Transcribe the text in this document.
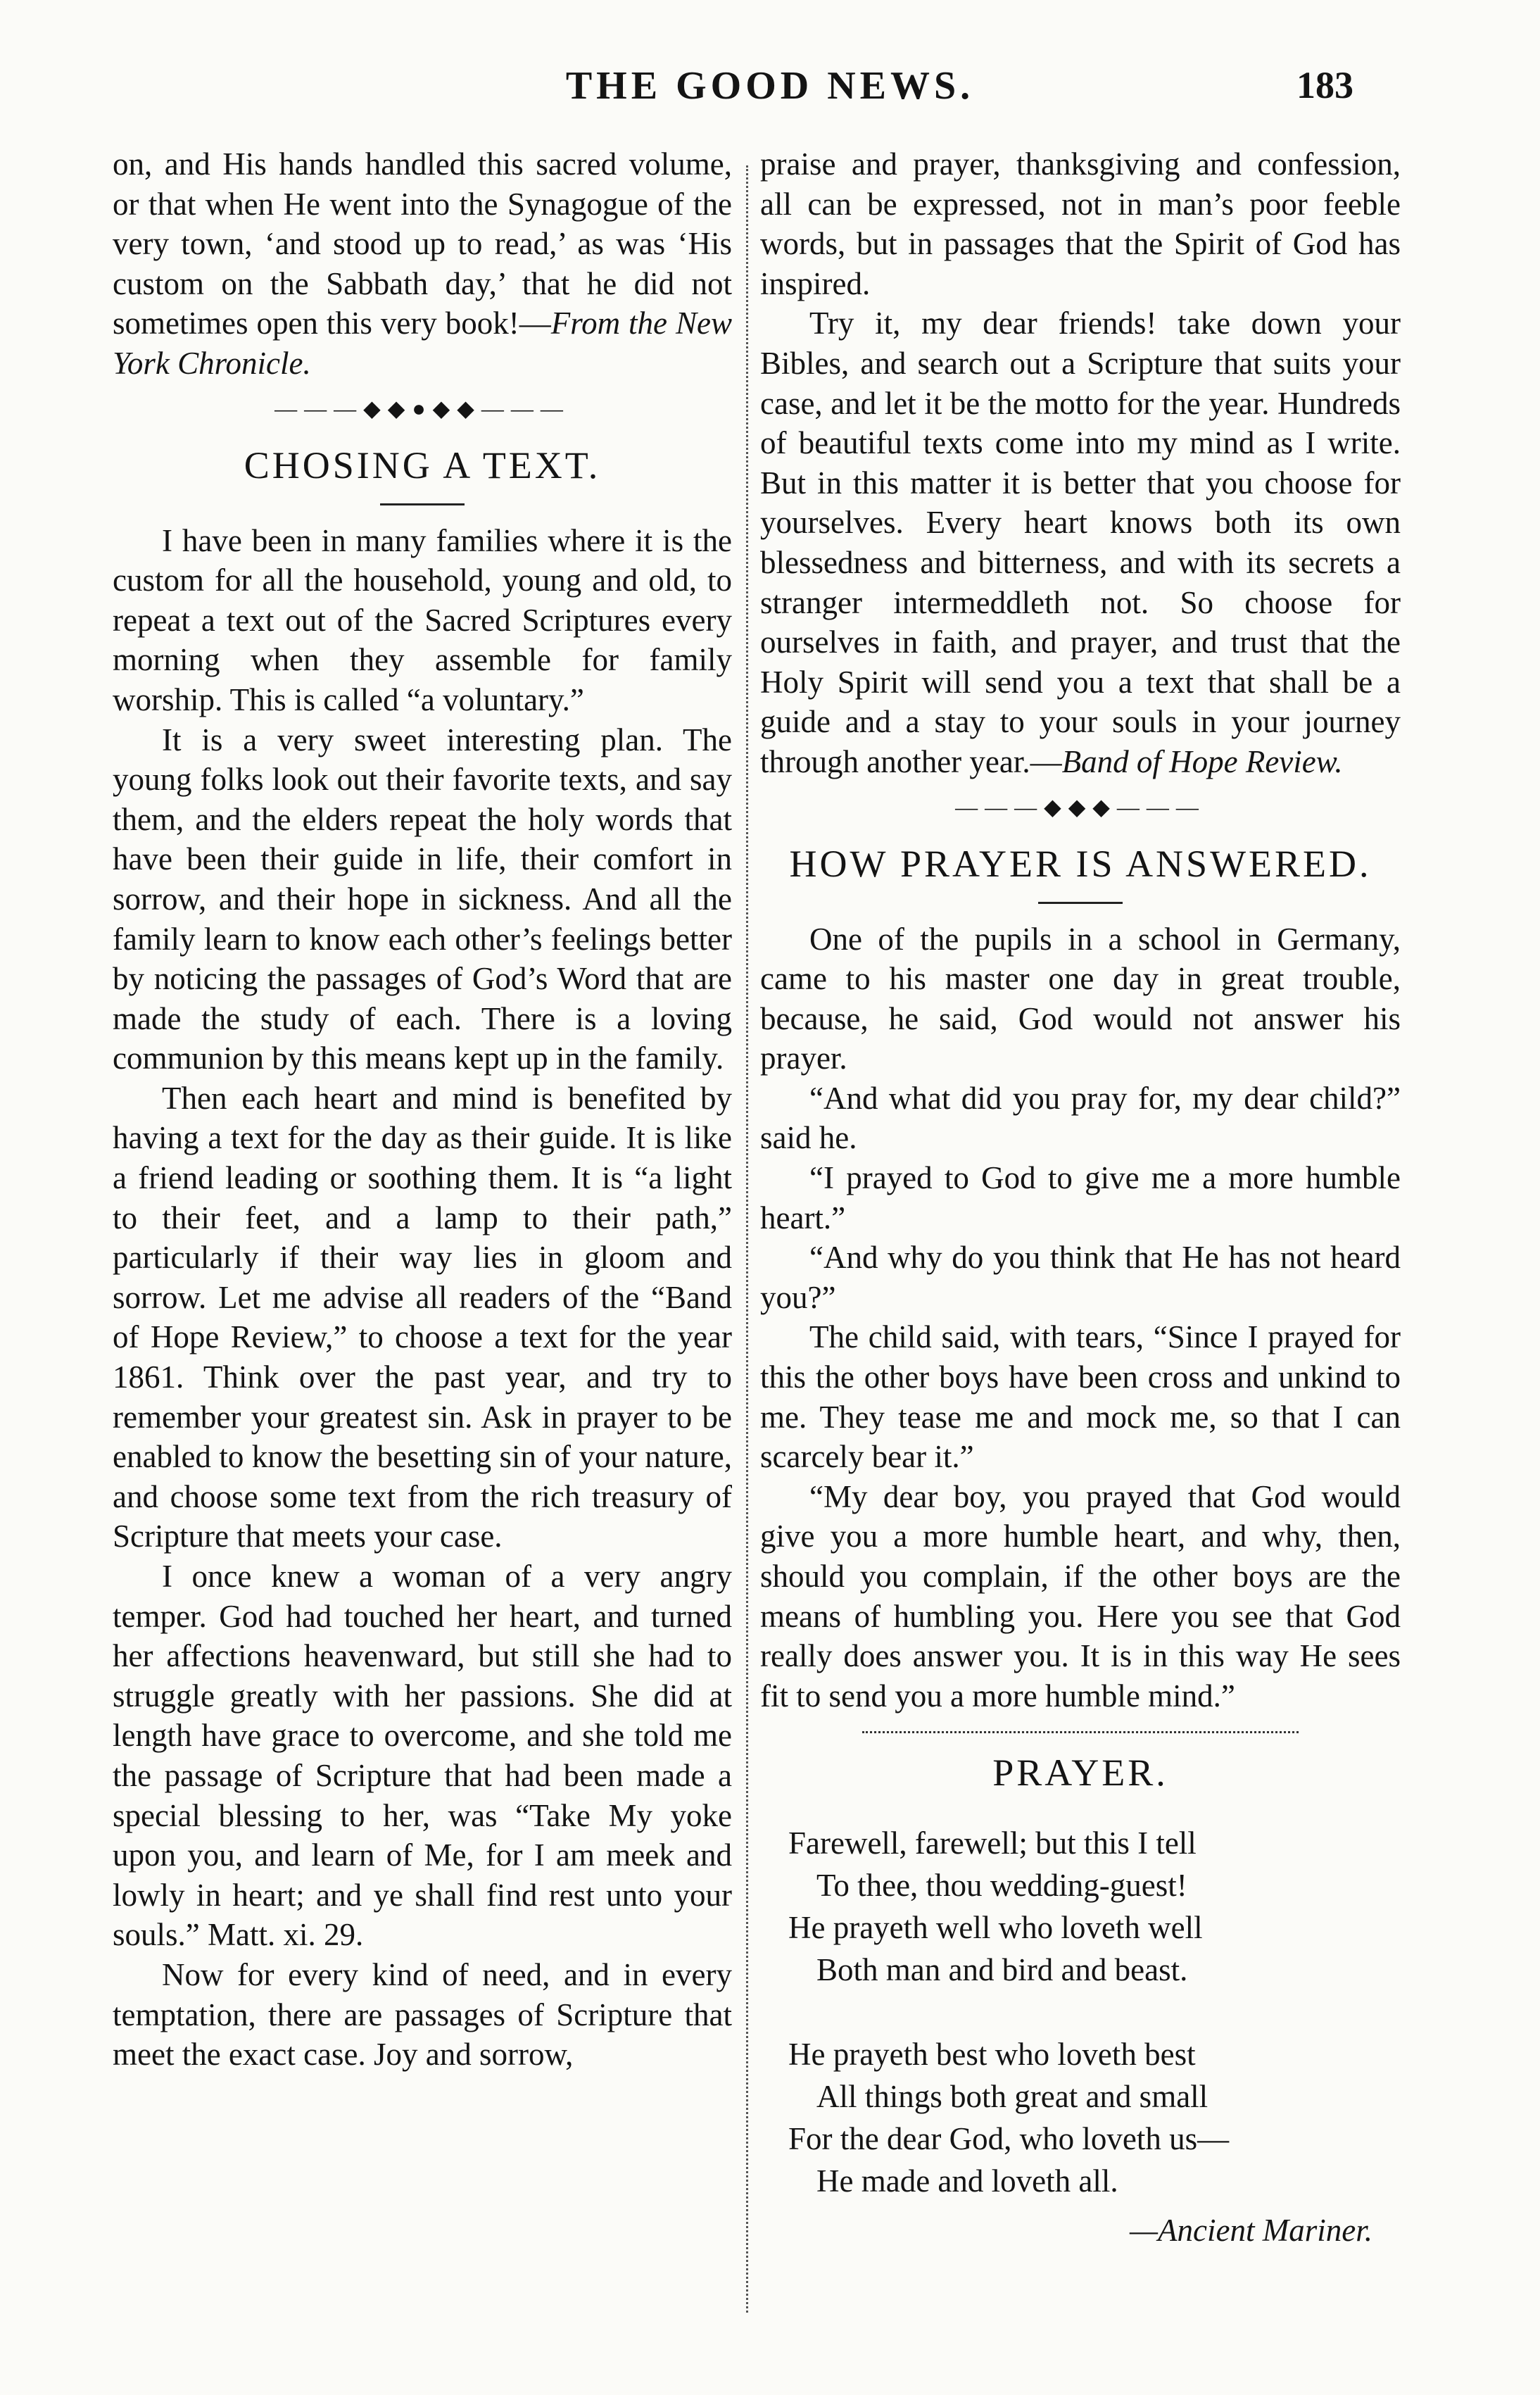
THE GOOD NEWS.	183

on, and His hands handled this sacred volume, or that when He went into the Synagogue of the very town, ‘and stood up to read,’ as was ‘His custom on the Sabbath day,’ that he did not sometimes open this very book!—From the New York Chronicle.

———◆◆●◆◆———
CHOSING A TEXT.

I have been in many families where it is the custom for all the household, young and old, to repeat a text out of the Sacred Scriptures every morning when they assemble for family worship. This is called “a voluntary.”

It is a very sweet interesting plan. The young folks look out their favorite texts, and say them, and the elders repeat the holy words that have been their guide in life, their comfort in sorrow, and their hope in sickness. And all the family learn to know each other’s feelings better by noticing the passages of God’s Word that are made the study of each. There is a loving communion by this means kept up in the family.

Then each heart and mind is benefited by having a text for the day as their guide. It is like a friend leading or soothing them. It is “a light to their feet, and a lamp to their path,” particularly if their way lies in gloom and sorrow. Let me advise all readers of the “Band of Hope Review,” to choose a text for the year 1861. Think over the past year, and try to remember your greatest sin. Ask in prayer to be enabled to know the besetting sin of your nature, and choose some text from the rich treasury of Scripture that meets your case.

I once knew a woman of a very angry temper. God had touched her heart, and turned her affections heavenward, but still she had to struggle greatly with her passions. She did at length have grace to overcome, and she told me the passage of Scripture that had been made a special blessing to her, was “Take My yoke upon you, and learn of Me, for I am meek and lowly in heart; and ye shall find rest unto your souls.” Matt. xi. 29.

Now for every kind of need, and in every temptation, there are passages of Scripture that meet the exact case. Joy and sorrow,

praise and prayer, thanksgiving and confession, all can be expressed, not in man’s poor feeble words, but in passages that the Spirit of God has inspired.

Try it, my dear friends! take down your Bibles, and search out a Scripture that suits your case, and let it be the motto for the year. Hundreds of beautiful texts come into my mind as I write. But in this matter it is better that you choose for yourselves. Every heart knows both its own blessedness and bitterness, and with its secrets a stranger intermeddleth not. So choose for ourselves in faith, and prayer, and trust that the Holy Spirit will send you a text that shall be a guide and a stay to your souls in your journey through another year.—Band of Hope Review.

———◆◆◆———
HOW PRAYER IS ANSWERED.

One of the pupils in a school in Germany, came to his master one day in great trouble, because, he said, God would not answer his prayer.

“And what did you pray for, my dear child?” said he.

“I prayed to God to give me a more humble heart.”

“And why do you think that He has not heard you?”

The child said, with tears, “Since I prayed for this the other boys have been cross and unkind to me. They tease me and mock me, so that I can scarcely bear it.”

“My dear boy, you prayed that God would give you a more humble heart, and why, then, should you complain, if the other boys are the means of humbling you. Here you see that God really does answer you. It is in this way He sees fit to send you a more humble mind.”

PRAYER.
Farewell, farewell; but this I tell
To thee, thou wedding-guest!
He prayeth well who loveth well
Both man and bird and beast.
He prayeth best who loveth best
All things both great and small
For the dear God, who loveth us—
He made and loveth all.
—Ancient Mariner.
